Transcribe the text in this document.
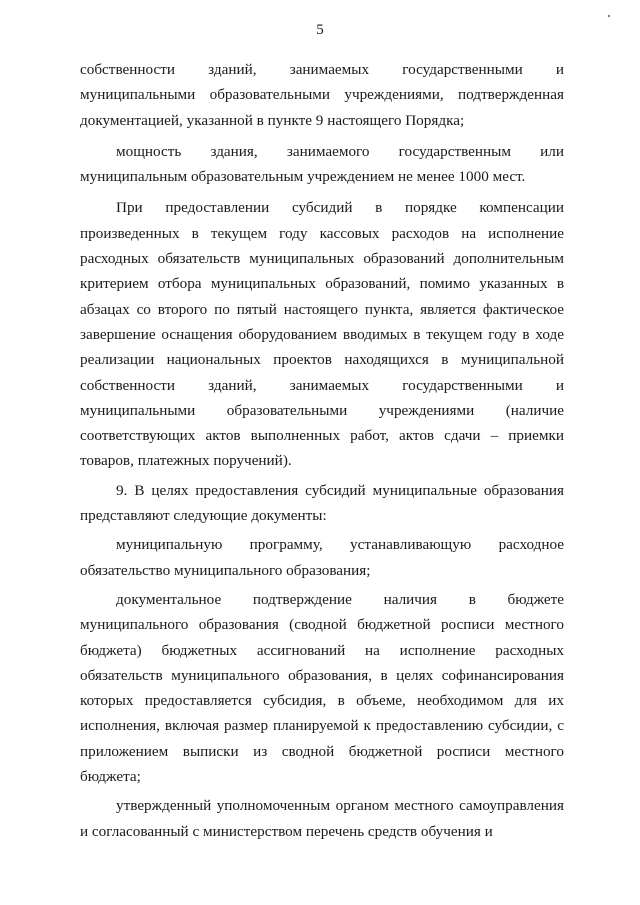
5

собственности зданий, занимаемых государственными и муниципальными образовательными учреждениями, подтвержденная документацией, указанной в пункте 9 настоящего Порядка;

мощность здания, занимаемого государственным или муниципальным образовательным учреждением не менее 1000 мест.

При предоставлении субсидий в порядке компенсации произведенных в текущем году кассовых расходов на исполнение расходных обязательств муниципальных образований дополнительным критерием отбора муниципальных образований, помимо указанных в абзацах со второго по пятый настоящего пункта, является фактическое завершение оснащения оборудованием вводимых в текущем году в ходе реализации национальных проектов находящихся в муниципальной собственности зданий, занимаемых государственными и муниципальными образовательными учреждениями (наличие соответствующих актов выполненных работ, актов сдачи – приемки товаров, платежных поручений).

9. В целях предоставления субсидий муниципальные образования представляют следующие документы:

муниципальную программу, устанавливающую расходное обязательство муниципального образования;

документальное подтверждение наличия в бюджете муниципального образования (сводной бюджетной росписи местного бюджета) бюджетных ассигнований на исполнение расходных обязательств муниципального образования, в целях софинансирования которых предоставляется субсидия, в объеме, необходимом для их исполнения, включая размер планируемой к предоставлению субсидии, с приложением выписки из сводной бюджетной росписи местного бюджета;

утвержденный уполномоченным органом местного самоуправления и согласованный с министерством перечень средств обучения и
